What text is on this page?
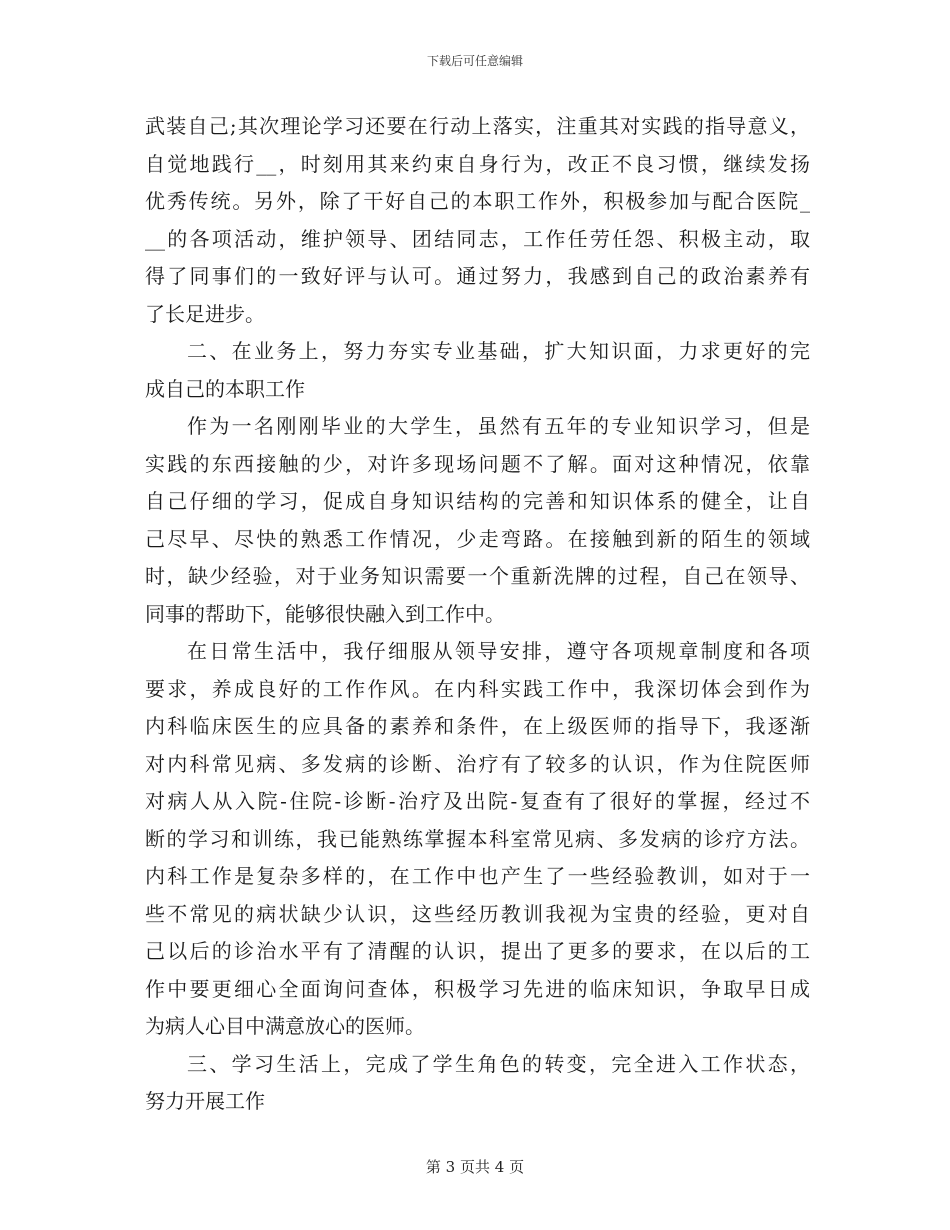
下载后可任意编辑
武装自己;其次理论学习还要在行动上落实，注重其对实践的指导意义，
自觉地践行__，时刻用其来约束自身行为，改正不良习惯，继续发扬
优秀传统。另外，除了干好自己的本职工作外，积极参加与配合医院_
__的各项活动，维护领导、团结同志，工作任劳任怨、积极主动，取
得了同事们的一致好评与认可。通过努力，我感到自己的政治素养有
了长足进步。
二、在业务上，努力夯实专业基础，扩大知识面，力求更好的完
成自己的本职工作
作为一名刚刚毕业的大学生，虽然有五年的专业知识学习，但是
实践的东西接触的少，对许多现场问题不了解。面对这种情况，依靠
自己仔细的学习，促成自身知识结构的完善和知识体系的健全，让自
己尽早、尽快的熟悉工作情况，少走弯路。在接触到新的陌生的领域
时，缺少经验，对于业务知识需要一个重新洗牌的过程，自己在领导、
同事的帮助下，能够很快融入到工作中。
在日常生活中，我仔细服从领导安排，遵守各项规章制度和各项
要求，养成良好的工作作风。在内科实践工作中，我深切体会到作为
内科临床医生的应具备的素养和条件，在上级医师的指导下，我逐渐
对内科常见病、多发病的诊断、治疗有了较多的认识，作为住院医师
对病人从入院-住院-诊断-治疗及出院-复查有了很好的掌握，经过不
断的学习和训练，我已能熟练掌握本科室常见病、多发病的诊疗方法。
内科工作是复杂多样的，在工作中也产生了一些经验教训，如对于一
些不常见的病状缺少认识，这些经历教训我视为宝贵的经验，更对自
己以后的诊治水平有了清醒的认识，提出了更多的要求，在以后的工
作中要更细心全面询问查体，积极学习先进的临床知识，争取早日成
为病人心目中满意放心的医师。
三、学习生活上，完成了学生角色的转变，完全进入工作状态，
努力开展工作
第 3 页共 4 页
